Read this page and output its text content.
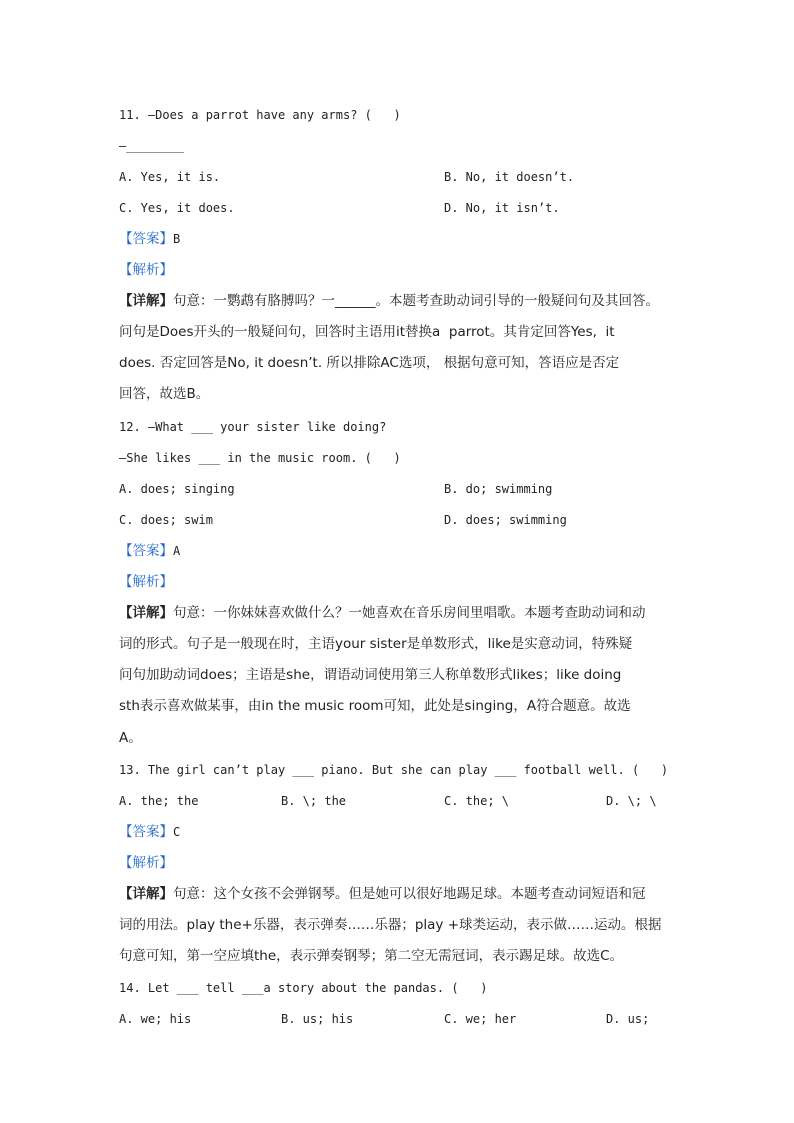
11. —Does a parrot have any arms? (   )
—________
A. Yes, it is.	B. No, it doesn’t.
C. Yes, it does.	D. No, it isn’t.
【答案】B
【解析】
【详解】句意：一鹦鹉有胳膊吗？一______。本题考查助动词引导的一般疑问句及其回答。
问句是Does开头的一般疑问句，回答时主语用it替换a  parrot。其肯定回答Yes,  it
does. 否定回答是No, it doesn’t. 所以排除AC选项， 根据句意可知，答语应是否定
回答，故选B。
12. —What ___ your sister like doing?
—She likes ___ in the music room. (   )
A. does; singing	B. do; swimming
C. does; swim	D. does; swimming
【答案】A
【解析】
【详解】句意：一你妹妹喜欢做什么？一她喜欢在音乐房间里唱歌。本题考查助动词和动
词的形式。句子是一般现在时，主语your sister是单数形式，like是实意动词，特殊疑
问句加助动词does；主语是she，谓语动词使用第三人称单数形式likes；like doing
sth表示喜欢做某事，由in the music room可知，此处是singing，A符合题意。故选
A。
13. The girl can’t play ___ piano. But she can play ___ football well. (   )
A. the; the	B. \; the	C. the; \	D. \; \
【答案】C
【解析】
【详解】句意：这个女孩不会弹钢琴。但是她可以很好地踢足球。本题考查动词短语和冠
词的用法。play the+乐器，表示弹奏……乐器；play +球类运动，表示做……运动。根据
句意可知，第一空应填the，表示弹奏钢琴；第二空无需冠词，表示踢足球。故选C。
14. Let ___ tell ___a story about the pandas. (   )
A. we; his	B. us; his	C. we; her	D. us;
